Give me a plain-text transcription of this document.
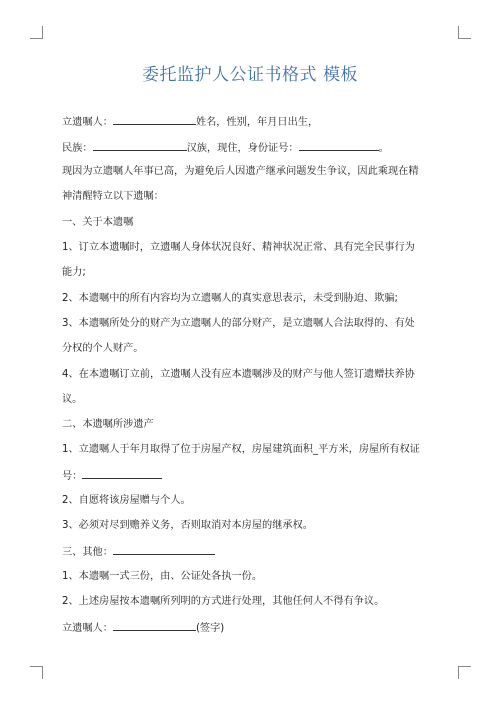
委托监护人公证书格式 模板
立遗嘱人：	姓名，性别，年月日出生，
民族：	汉族，现住，身份证号：	。
现因为立遗嘱人年事已高，为避免后人因遗产继承问题发生争议，因此乘现在精
神清醒特立以下遗嘱：
一、关于本遗嘱
1、订立本遗嘱时，立遗嘱人身体状况良好、精神状况正常、具有完全民事行为
能力;
2、本遗嘱中的所有内容均为立遗嘱人的真实意思表示，未受到胁迫、欺骗;
3、本遗嘱所处分的财产为立遗嘱人的部分财产，是立遗嘱人合法取得的、有处
分权的个人财产。
4、在本遗嘱订立前，立遗嘱人没有应本遗嘱涉及的财产与他人签订遗赠扶养协
议。
二、本遗嘱所涉遗产
1、立遗嘱人于年月取得了位于房屋产权，房屋建筑面积_平方米，房屋所有权证
号：
2、自愿将该房屋赠与个人。
3、必须对尽到赡养义务，否则取消对本房屋的继承权。
三、其他：
1、本遗嘱一式三份，由、公证处各执一份。
2、上述房屋按本遗嘱所列明的方式进行处理，其他任何人不得有争议。
立遗嘱人：	(签字)
